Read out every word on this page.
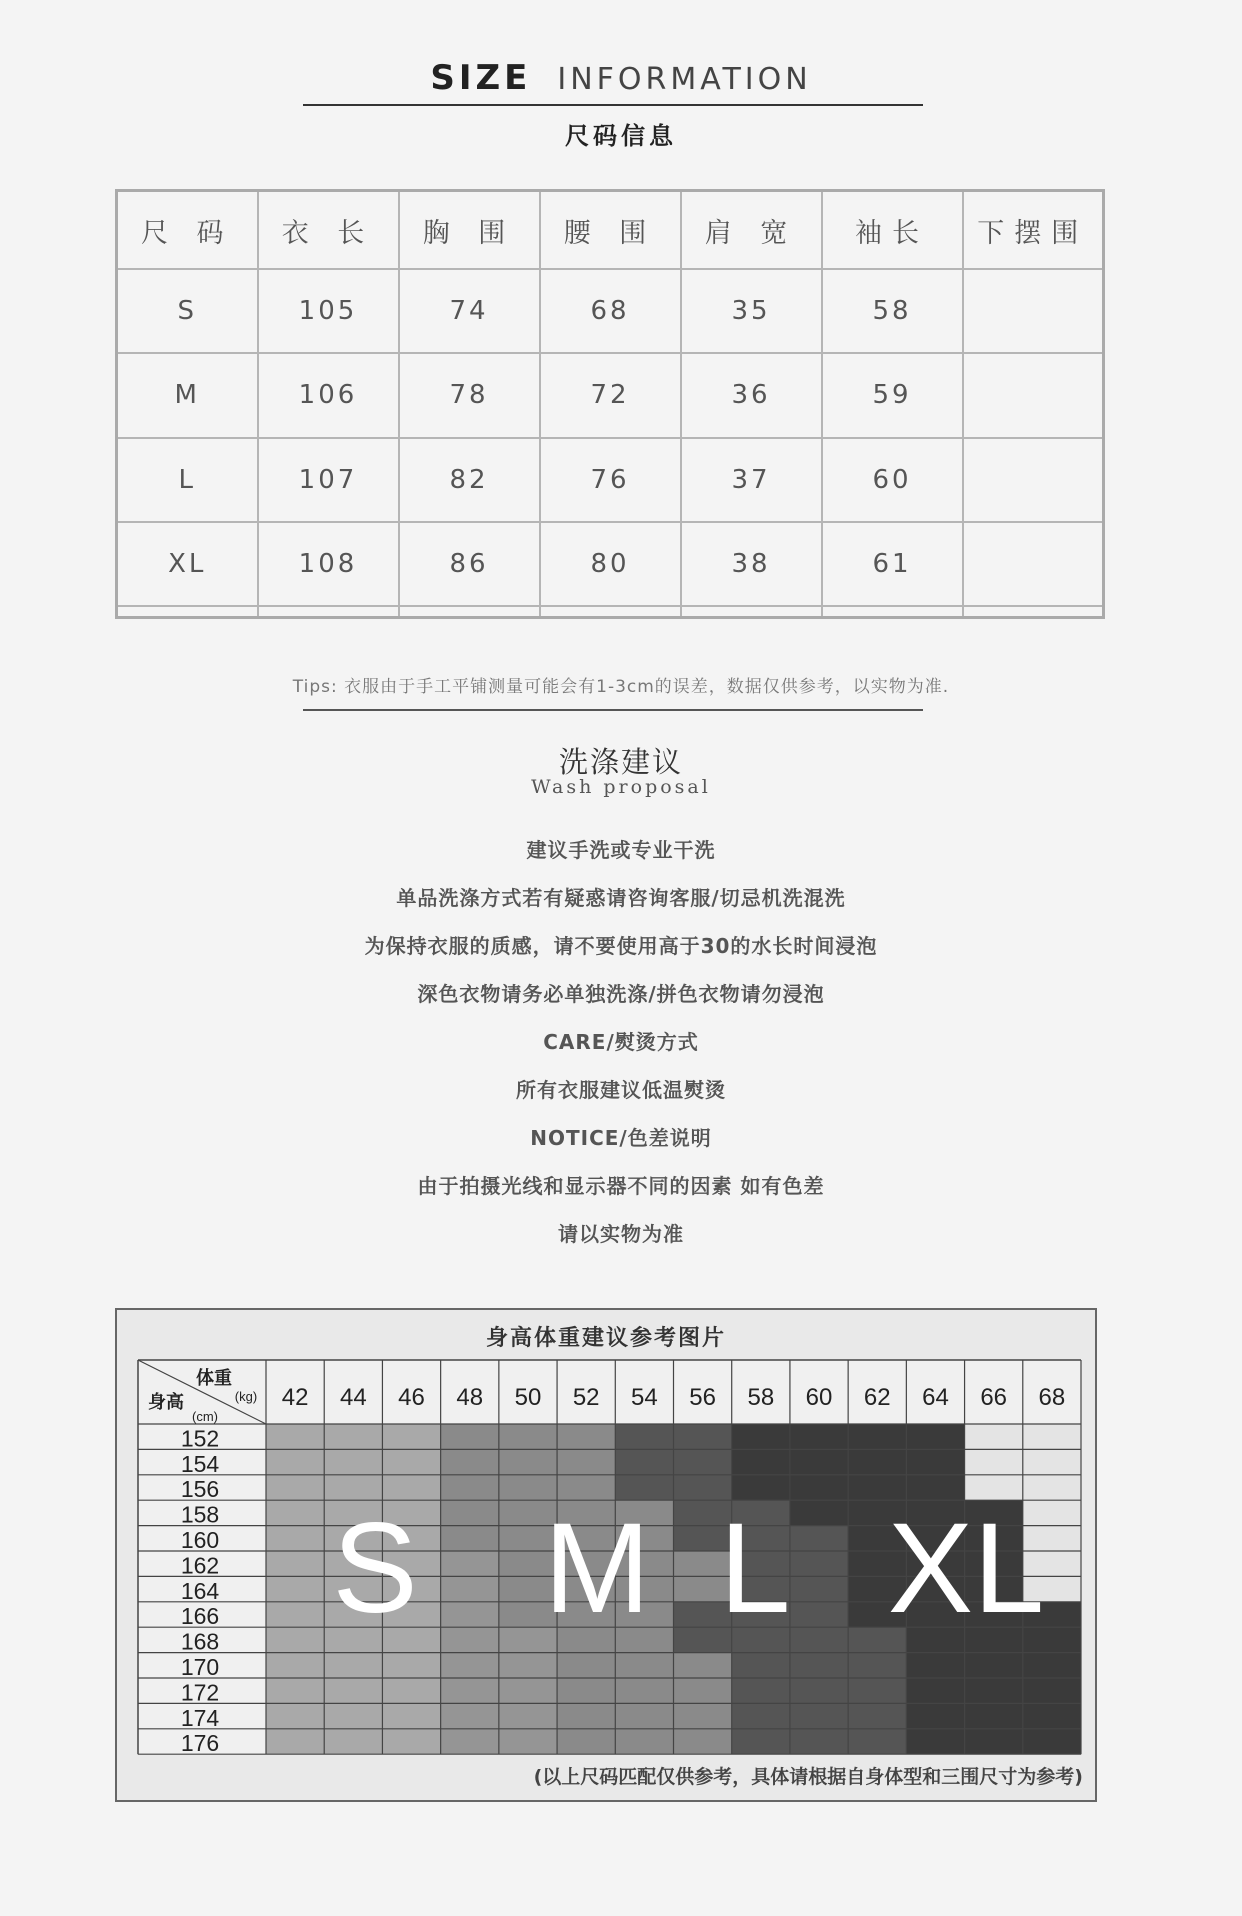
SIZE INFORMATION
尺码信息
尺 码	衣 长	胸 围	腰 围	肩 宽	袖长	下摆围
S	105	74	68	35	58	
M	106	78	72	36	59	
L	107	82	76	37	60	
XL	108	86	80	38	61	

Tips: 衣服由于手工平铺测量可能会有1-3cm的误差，数据仅供参考，以实物为准.
洗涤建议
Wash proposal
建议手洗或专业干洗
单品洗涤方式若有疑惑请咨询客服/切忌机洗混洗
为保持衣服的质感，请不要使用高于30的水长时间浸泡
深色衣物请务必单独洗涤/拼色衣物请勿浸泡
CARE/熨烫方式
所有衣服建议低温熨烫
NOTICE/色差说明
由于拍摄光线和显示器不同的因素 如有色差
请以实物为准
身高体重建议参考图片
体重
(kg)
身高
(cm)
42 44 46 48 50 52 54 56 58 60 62 64 66 68
152
154
156
158
160
162
164
166
168
170
172
174
176
S M L XL
(以上尺码匹配仅供参考，具体请根据自身体型和三围尺寸为参考)
